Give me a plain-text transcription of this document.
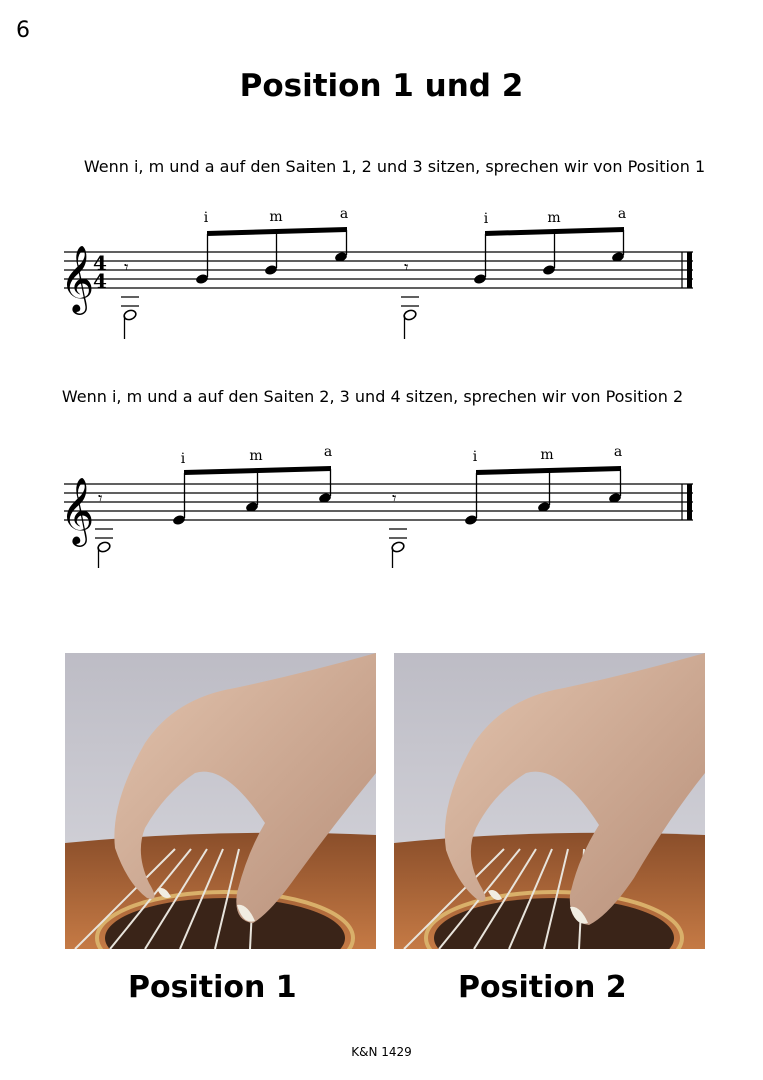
6
Position 1 und 2
Wenn i, m und a auf den Saiten 1, 2 und 3 sitzen, sprechen wir von Position 1
𝄞
4
4
𝄾
i	m	a
𝄾
i	m	a
Wenn i, m und a auf den Saiten 2, 3 und 4 sitzen, sprechen wir von Position 2
𝄞 𝄾
i	m	a
𝄾
i	m	a
Position 1	Position 2
K&N 1429
